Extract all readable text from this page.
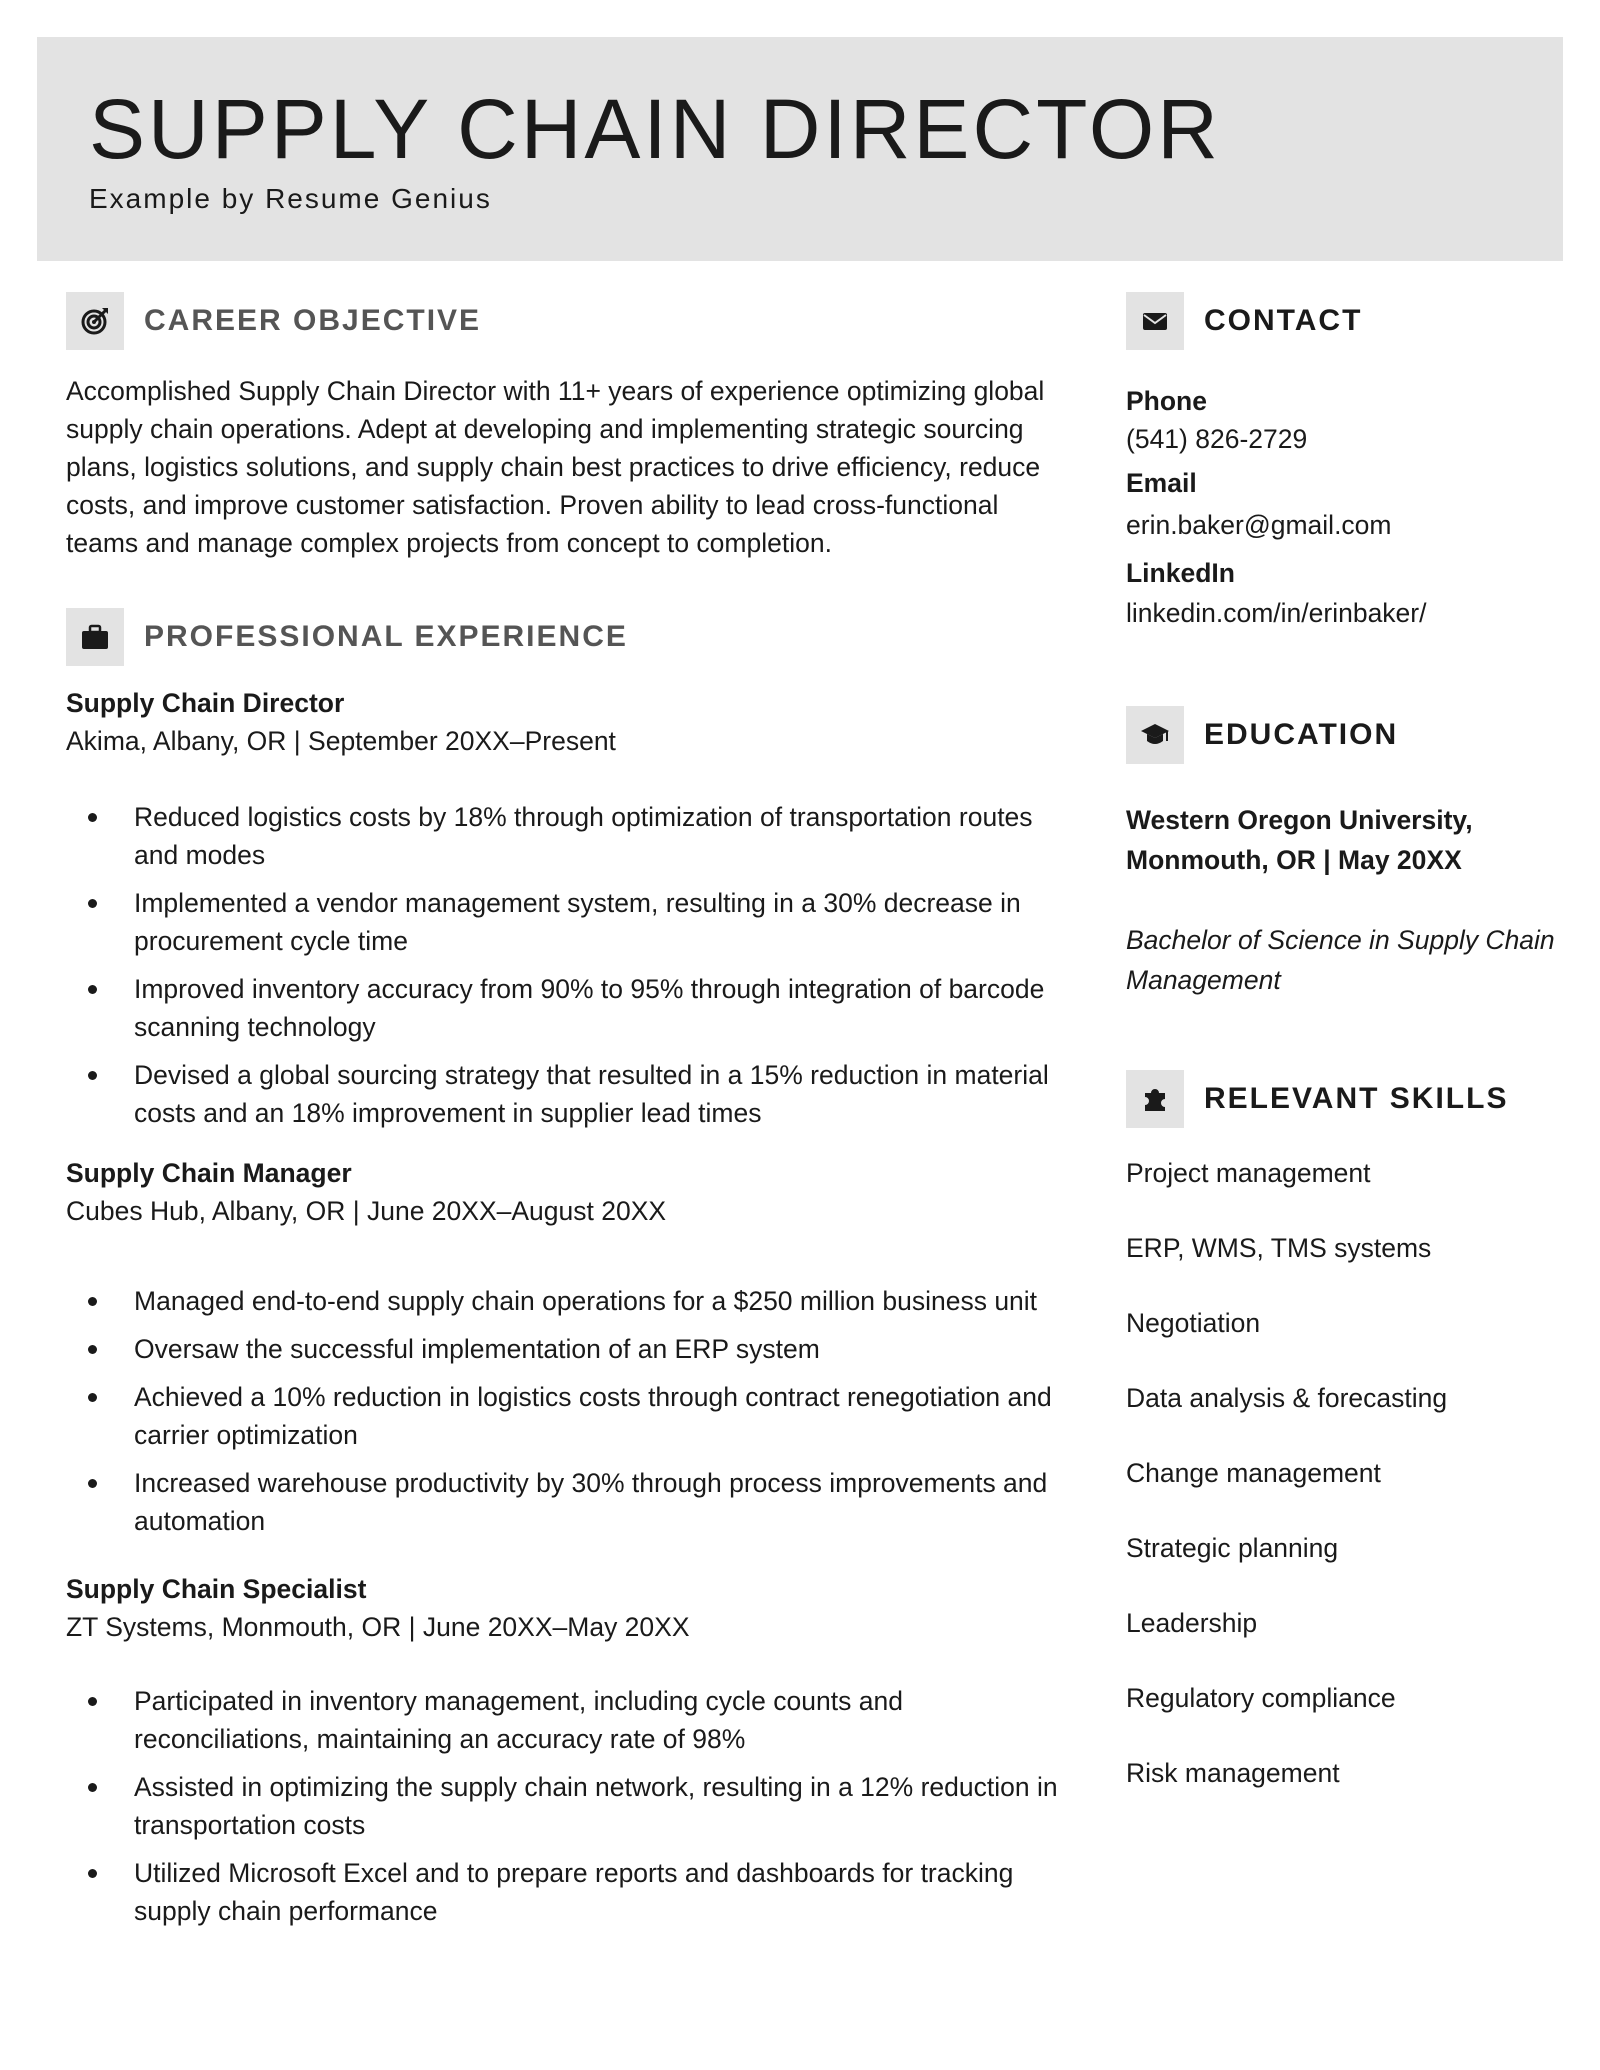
SUPPLY CHAIN DIRECTOR
Example by Resume Genius
CAREER OBJECTIVE
Accomplished Supply Chain Director with 11+ years of experience optimizing global supply chain operations. Adept at developing and implementing strategic sourcing plans, logistics solutions, and supply chain best practices to drive efficiency, reduce costs, and improve customer satisfaction. Proven ability to lead cross-functional teams and manage complex projects from concept to completion.
PROFESSIONAL EXPERIENCE
Supply Chain Director
Akima, Albany, OR | September 20XX–Present
Reduced logistics costs by 18% through optimization of transportation routes and modes
Implemented a vendor management system, resulting in a 30% decrease in procurement cycle time
Improved inventory accuracy from 90% to 95% through integration of barcode scanning technology
Devised a global sourcing strategy that resulted in a 15% reduction in material costs and an 18% improvement in supplier lead times
Supply Chain Manager
Cubes Hub, Albany, OR | June 20XX–August 20XX
Managed end-to-end supply chain operations for a $250 million business unit
Oversaw the successful implementation of an ERP system
Achieved a 10% reduction in logistics costs through contract renegotiation and carrier optimization
Increased warehouse productivity by 30% through process improvements and automation
Supply Chain Specialist
ZT Systems, Monmouth, OR | June 20XX–May 20XX
Participated in inventory management, including cycle counts and reconciliations, maintaining an accuracy rate of 98%
Assisted in optimizing the supply chain network, resulting in a 12% reduction in transportation costs
Utilized Microsoft Excel and to prepare reports and dashboards for tracking supply chain performance
CONTACT
Phone
(541) 826-2729
Email
erin.baker@gmail.com
LinkedIn
linkedin.com/in/erinbaker/
EDUCATION
Western Oregon University,
Monmouth, OR | May 20XX
Bachelor of Science in Supply Chain Management
RELEVANT SKILLS
Project management
ERP, WMS, TMS systems
Negotiation
Data analysis & forecasting
Change management
Strategic planning
Leadership
Regulatory compliance
Risk management
